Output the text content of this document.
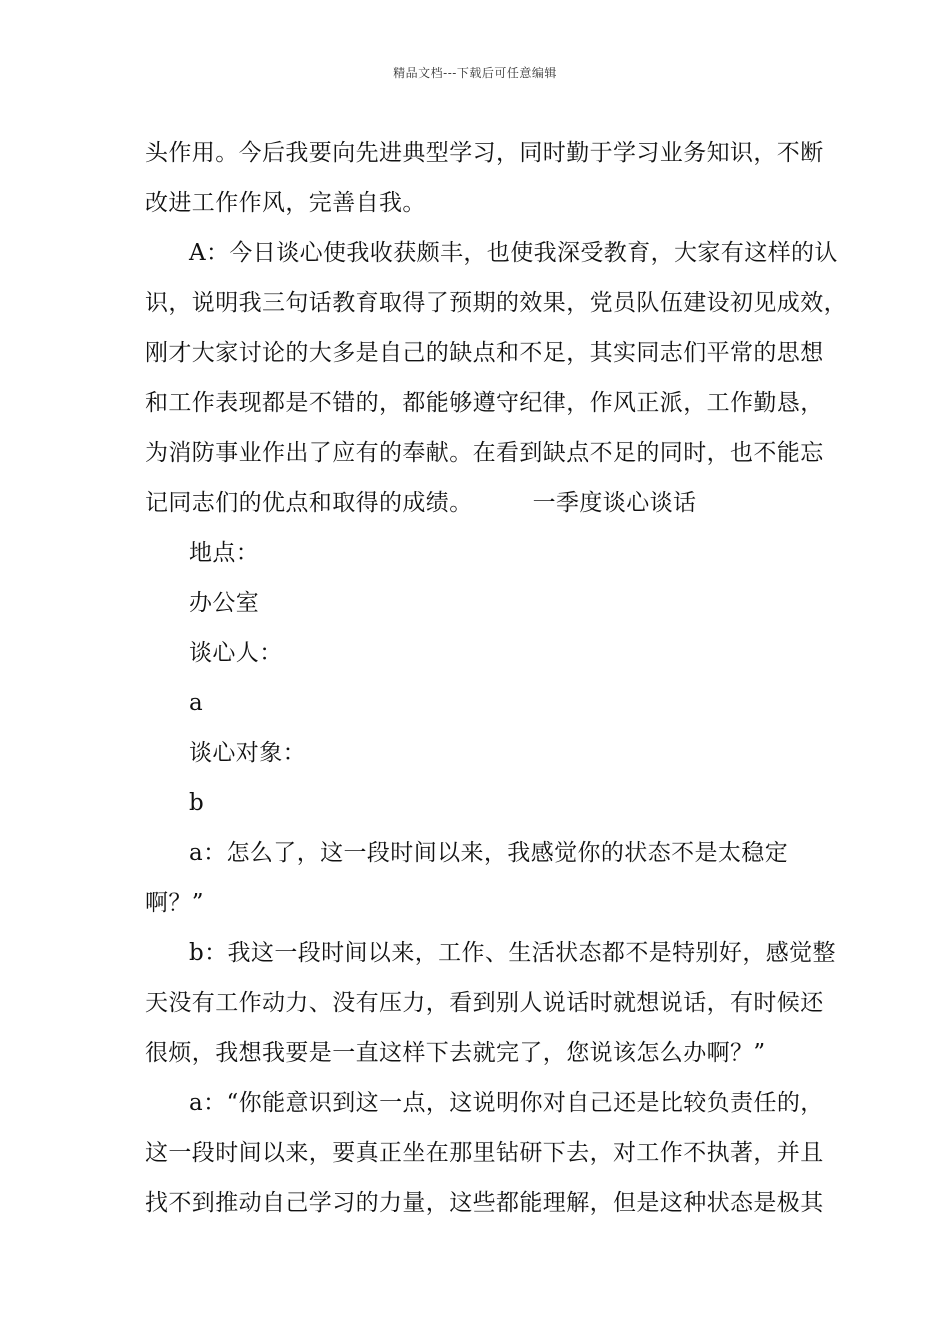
精品文档---下载后可任意编辑
头作用。今后我要向先进典型学习，同时勤于学习业务知识，不断
改进工作作风，完善自我。
A：今日谈心使我收获颇丰，也使我深受教育，大家有这样的认
识，说明我三句话教育取得了预期的效果，党员队伍建设初见成效，
刚才大家讨论的大多是自己的缺点和不足，其实同志们平常的思想
和工作表现都是不错的，都能够遵守纪律，作风正派，工作勤恳，
为消防事业作出了应有的奉献。在看到缺点不足的同时，也不能忘
记同志们的优点和取得的成绩。	一季度谈心谈话
地点：
办公室
谈心人：
a
谈心对象：
b
a：怎么了，这一段时间以来，我感觉你的状态不是太稳定
啊？”
b：我这一段时间以来，工作、生活状态都不是特别好，感觉整
天没有工作动力、没有压力，看到别人说话时就想说话，有时候还
很烦，我想我要是一直这样下去就完了，您说该怎么办啊？”
a：“你能意识到这一点，这说明你对自己还是比较负责任的，
这一段时间以来，要真正坐在那里钻研下去，对工作不执著，并且
找不到推动自己学习的力量，这些都能理解，但是这种状态是极其
